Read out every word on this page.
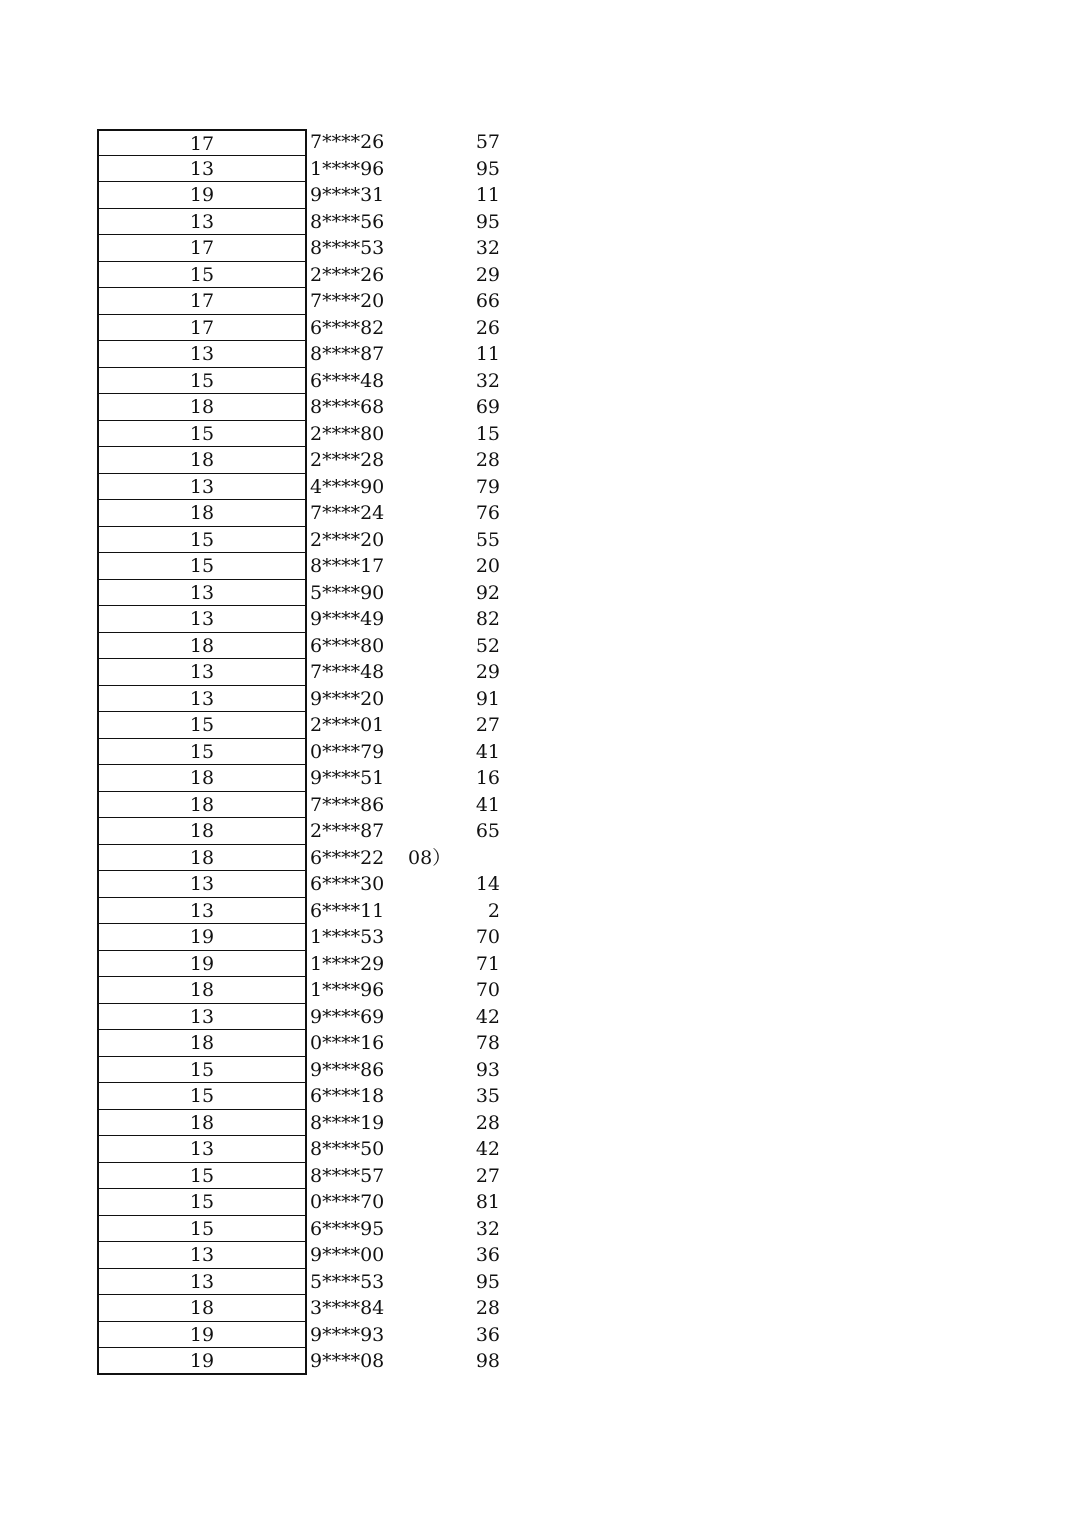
17	7****26	57
13	1****96	95
19	9****31	11
13	8****56	95
17	8****53	32
15	2****26	29
17	7****20	66
17	6****82	26
13	8****87	11
15	6****48	32
18	8****68	69
15	2****80	15
18	2****28	28
13	4****90	79
18	7****24	76
15	2****20	55
15	8****17	20
13	5****90	92
13	9****49	82
18	6****80	52
13	7****48	29
13	9****20	91
15	2****01	27
15	0****79	41
18	9****51	16
18	7****86	41
18	2****87	65
18	6****22	08）
13	6****30	14
13	6****11	2
19	1****53	70
19	1****29	71
18	1****96	70
13	9****69	42
18	0****16	78
15	9****86	93
15	6****18	35
18	8****19	28
13	8****50	42
15	8****57	27
15	0****70	81
15	6****95	32
13	9****00	36
13	5****53	95
18	3****84	28
19	9****93	36
19	9****08	98
